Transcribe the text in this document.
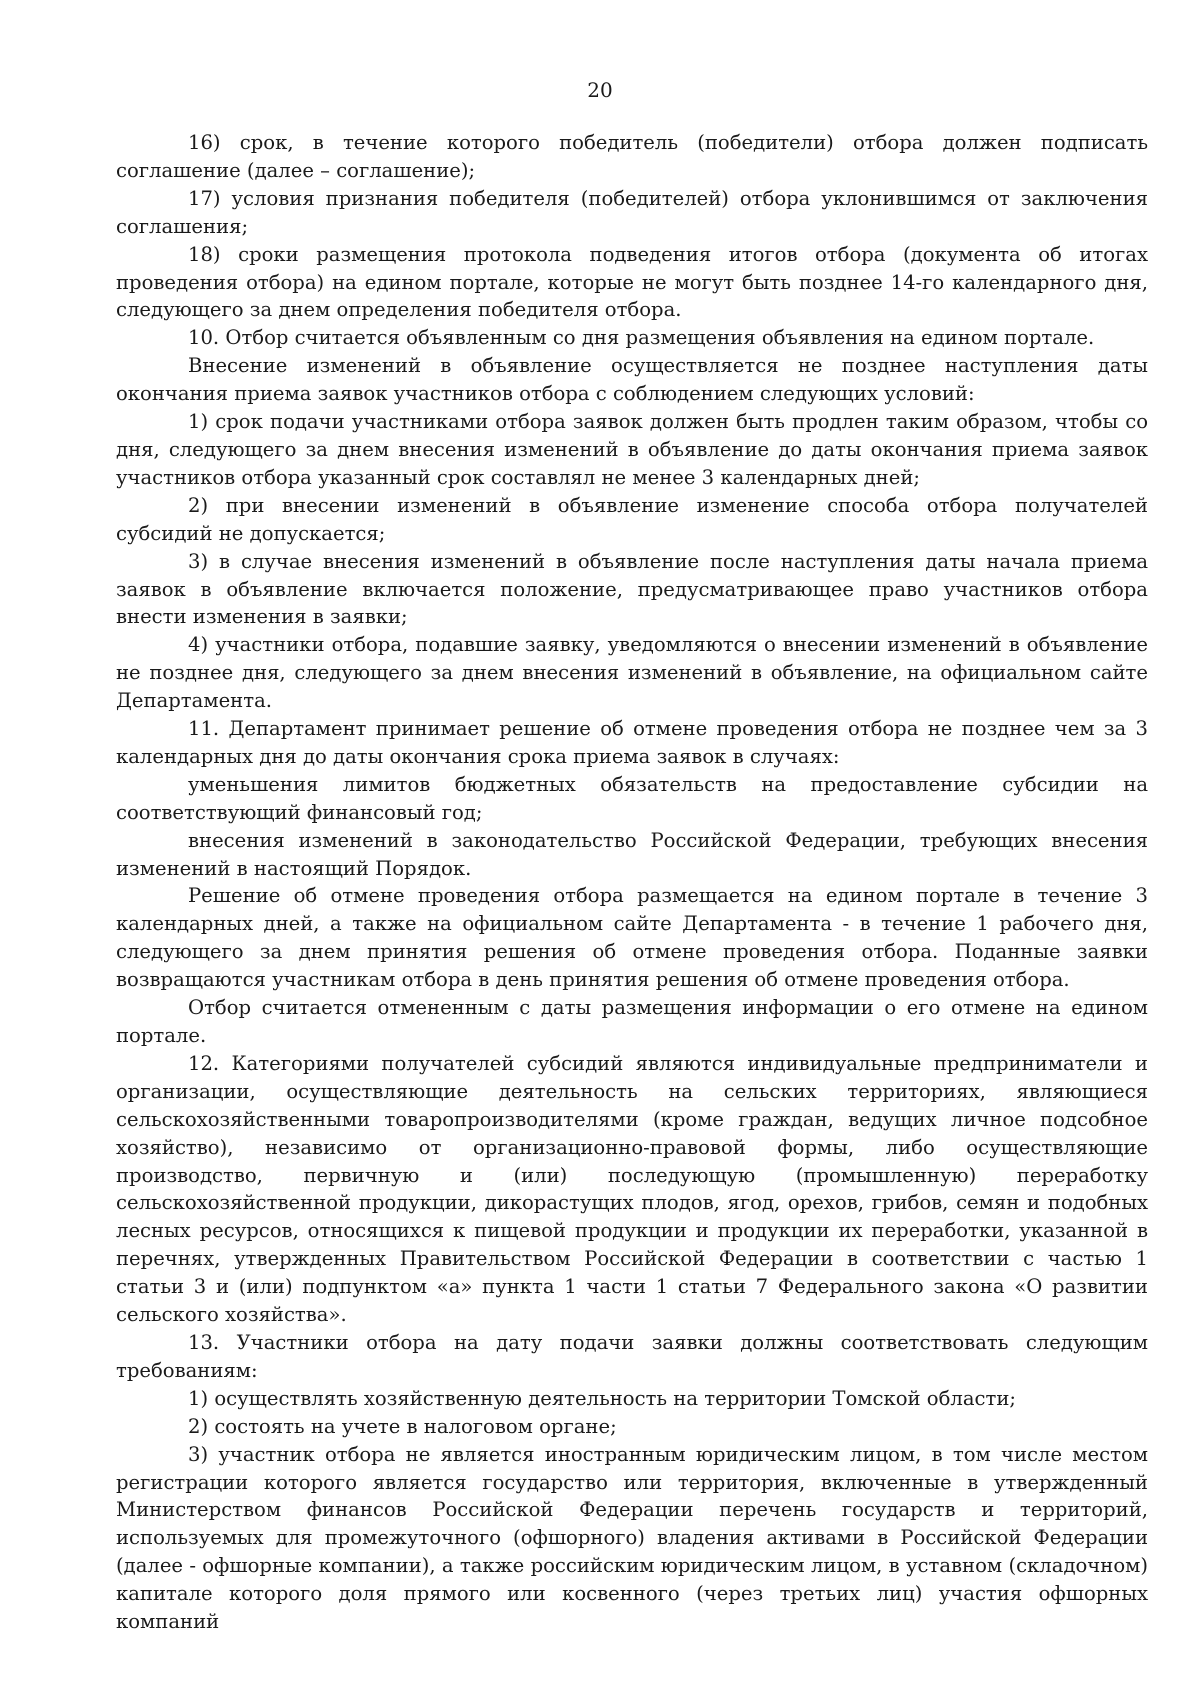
20

16) срок, в течение которого победитель (победители) отбора должен подписать соглашение (далее – соглашение);

17) условия признания победителя (победителей) отбора уклонившимся от заключения соглашения;

18) сроки размещения протокола подведения итогов отбора (документа об итогах проведения отбора) на едином портале, которые не могут быть позднее 14-го календарного дня, следующего за днем определения победителя отбора.

10. Отбор считается объявленным со дня размещения объявления на едином портале.

Внесение изменений в объявление осуществляется не позднее наступления даты окончания приема заявок участников отбора с соблюдением следующих условий:

1) срок подачи участниками отбора заявок должен быть продлен таким образом, чтобы со дня, следующего за днем внесения изменений в объявление до даты окончания приема заявок участников отбора указанный срок составлял не менее 3 календарных дней;

2) при внесении изменений в объявление изменение способа отбора получателей субсидий не допускается;

3) в случае внесения изменений в объявление после наступления даты начала приема заявок в объявление включается положение, предусматривающее право участников отбора внести изменения в заявки;

4) участники отбора, подавшие заявку, уведомляются о внесении изменений в объявление не позднее дня, следующего за днем внесения изменений в объявление, на официальном сайте Департамента.

11. Департамент принимает решение об отмене проведения отбора не позднее чем за 3 календарных дня до даты окончания срока приема заявок в случаях:

уменьшения лимитов бюджетных обязательств на предоставление субсидии на соответствующий финансовый год;

внесения изменений в законодательство Российской Федерации, требующих внесения изменений в настоящий Порядок.

Решение об отмене проведения отбора размещается на едином портале в течение 3 календарных дней, а также на официальном сайте Департамента - в течение 1 рабочего дня, следующего за днем принятия решения об отмене проведения отбора. Поданные заявки возвращаются участникам отбора в день принятия решения об отмене проведения отбора.

Отбор считается отмененным с даты размещения информации о его отмене на едином портале.

12. Категориями получателей субсидий являются индивидуальные предприниматели и организации, осуществляющие деятельность на сельских территориях, являющиеся сельскохозяйственными товаропроизводителями (кроме граждан, ведущих личное подсобное хозяйство), независимо от организационно-правовой формы, либо осуществляющие производство, первичную и (или) последующую (промышленную) переработку сельскохозяйственной продукции, дикорастущих плодов, ягод, орехов, грибов, семян и подобных лесных ресурсов, относящихся к пищевой продукции и продукции их переработки, указанной в перечнях, утвержденных Правительством Российской Федерации в соответствии с частью 1 статьи 3 и (или) подпунктом «а» пункта 1 части 1 статьи 7 Федерального закона «О развитии сельского хозяйства».

13. Участники отбора на дату подачи заявки должны соответствовать следующим требованиям:

1) осуществлять хозяйственную деятельность на территории Томской области;

2) состоять на учете в налоговом органе;

3) участник отбора не является иностранным юридическим лицом, в том числе местом регистрации которого является государство или территория, включенные в утвержденный Министерством финансов Российской Федерации перечень государств и территорий, используемых для промежуточного (офшорного) владения активами в Российской Федерации (далее - офшорные компании), а также российским юридическим лицом, в уставном (складочном) капитале которого доля прямого или косвенного (через третьих лиц) участия офшорных компаний
